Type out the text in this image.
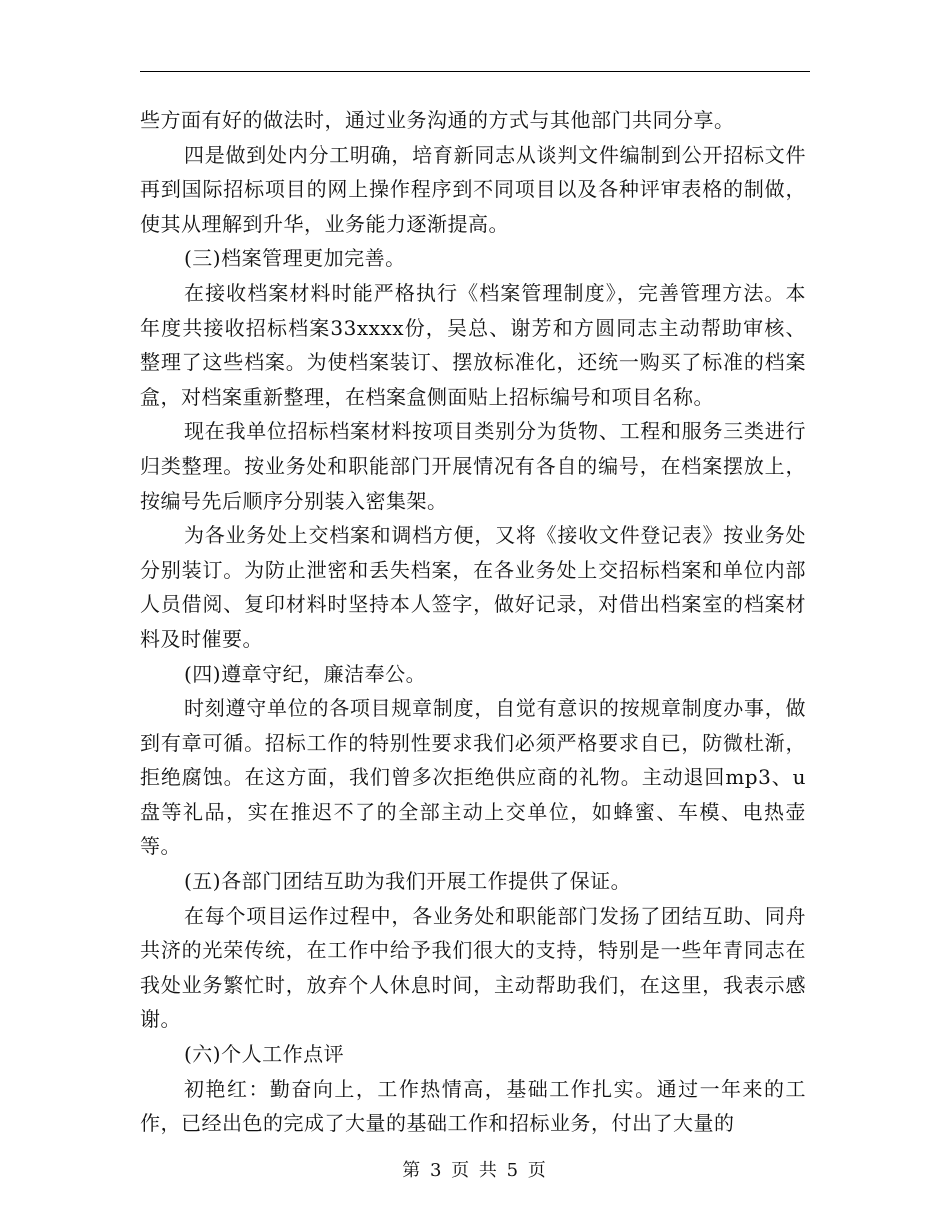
些方面有好的做法时，通过业务沟通的方式与其他部门共同分享。

四是做到处内分工明确，培育新同志从谈判文件编制到公开招标文件再到国际招标项目的网上操作程序到不同项目以及各种评审表格的制做，使其从理解到升华，业务能力逐渐提高。

(三)档案管理更加完善。

在接收档案材料时能严格执行《档案管理制度》，完善管理方法。本年度共接收招标档案33xxxx份，吴总、谢芳和方圆同志主动帮助审核、整理了这些档案。为使档案装订、摆放标准化，还统一购买了标准的档案盒，对档案重新整理，在档案盒侧面贴上招标编号和项目名称。

现在我单位招标档案材料按项目类别分为货物、工程和服务三类进行归类整理。按业务处和职能部门开展情况有各自的编号，在档案摆放上，按编号先后顺序分别装入密集架。

为各业务处上交档案和调档方便，又将《接收文件登记表》按业务处分别装订。为防止泄密和丢失档案，在各业务处上交招标档案和单位内部人员借阅、复印材料时坚持本人签字，做好记录，对借出档案室的档案材料及时催要。

(四)遵章守纪，廉洁奉公。

时刻遵守单位的各项目规章制度，自觉有意识的按规章制度办事，做到有章可循。招标工作的特别性要求我们必须严格要求自已，防微杜渐，拒绝腐蚀。在这方面，我们曾多次拒绝供应商的礼物。主动退回mp3、u盘等礼品，实在推迟不了的全部主动上交单位，如蜂蜜、车模、电热壶等。

(五)各部门团结互助为我们开展工作提供了保证。

在每个项目运作过程中，各业务处和职能部门发扬了团结互助、同舟共济的光荣传统，在工作中给予我们很大的支持，特别是一些年青同志在我处业务繁忙时，放弃个人休息时间，主动帮助我们，在这里，我表示感谢。

(六)个人工作点评

初艳红：勤奋向上，工作热情高，基础工作扎实。通过一年来的工作，已经出色的完成了大量的基础工作和招标业务，付出了大量的

第 3 页 共 5 页
